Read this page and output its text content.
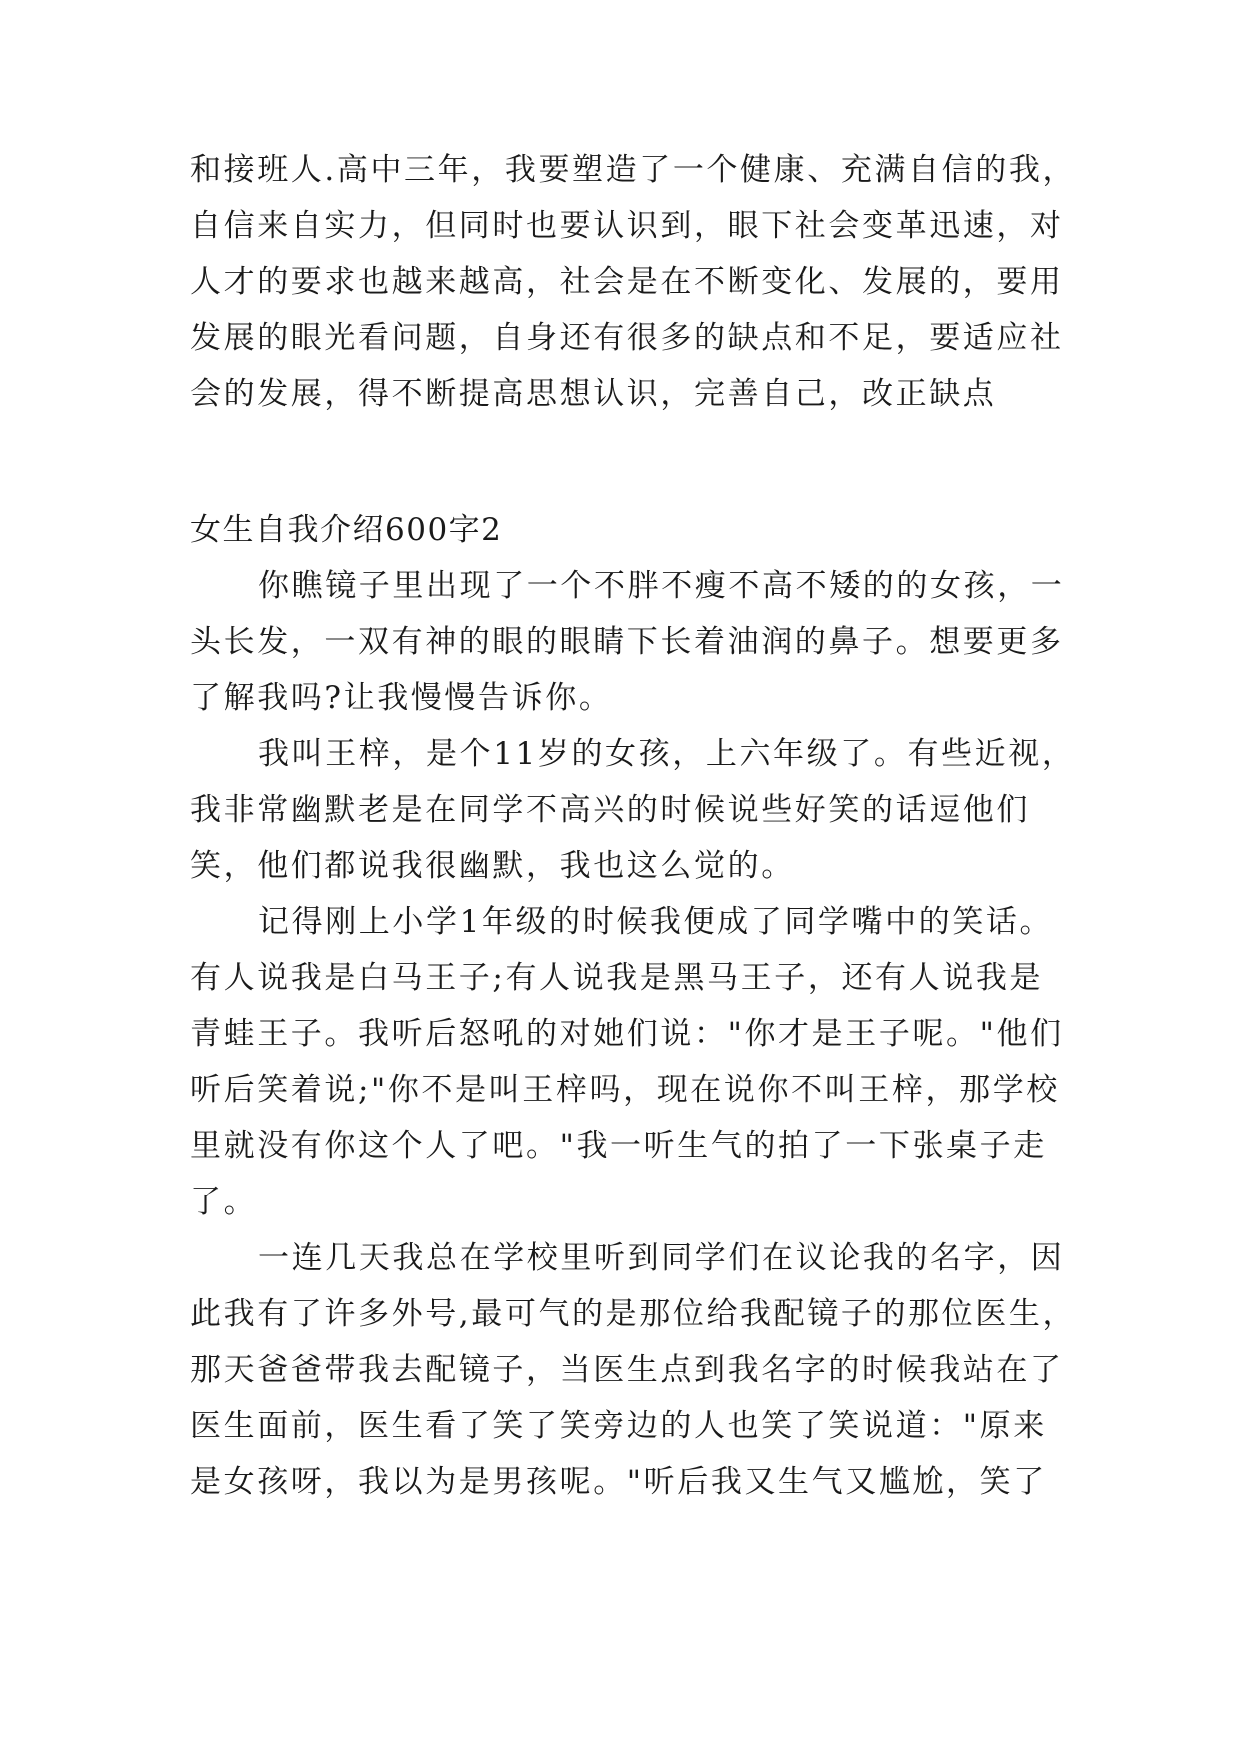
和接班人.高中三年，我要塑造了一个健康、充满自信的我，
自信来自实力，但同时也要认识到，眼下社会变革迅速，对
人才的要求也越来越高，社会是在不断变化、发展的，要用
发展的眼光看问题，自身还有很多的缺点和不足，要适应社
会的发展，得不断提高思想认识，完善自己，改正缺点
女生自我介绍600字2
你瞧镜子里出现了一个不胖不瘦不高不矮的的女孩，一
头长发，一双有神的眼的眼睛下长着油润的鼻子。想要更多
了解我吗?让我慢慢告诉你。
我叫王梓，是个11岁的女孩，上六年级了。有些近视，
我非常幽默老是在同学不高兴的时候说些好笑的话逗他们
笑，他们都说我很幽默，我也这么觉的。
记得刚上小学1年级的时候我便成了同学嘴中的笑话。
有人说我是白马王子;有人说我是黑马王子，还有人说我是
青蛙王子。我听后怒吼的对她们说："你才是王子呢。"他们
听后笑着说;"你不是叫王梓吗，现在说你不叫王梓，那学校
里就没有你这个人了吧。"我一听生气的拍了一下张桌子走
了。
一连几天我总在学校里听到同学们在议论我的名字，因
此我有了许多外号,最可气的是那位给我配镜子的那位医生，
那天爸爸带我去配镜子，当医生点到我名字的时候我站在了
医生面前，医生看了笑了笑旁边的人也笑了笑说道："原来
是女孩呀，我以为是男孩呢。"听后我又生气又尴尬，笑了
